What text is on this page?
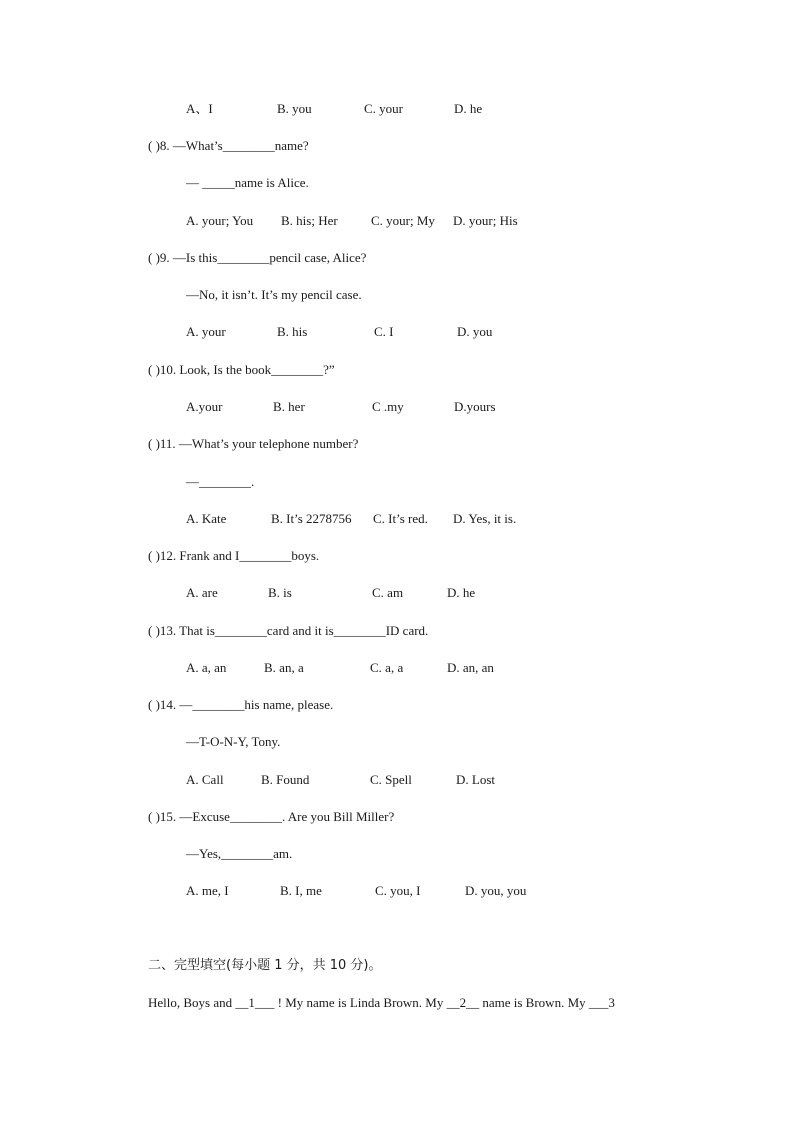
A、I	B. you	C. your	D. he
( )8. —What’s________name?
— _____name is Alice.
A. your; You B. his; Her	C. your; My D. your; His
( )9. —Is this________pencil case, Alice?
—No, it isn’t. It’s my pencil case.
A. your	B. his	C. I	D. you
( )10. Look, Is the book________?”
A.your	B. her	C .my	D.yours
( )11. —What’s your telephone number?
—________.
A. Kate	B. It’s 2278756 C. It’s red. D. Yes, it is.
( )12. Frank and I________boys.
A. are	B. is	C. am	D. he
( )13. That is________card and it is________ID card.
A. a, an	B. an, a	C. a, a	D. an, an
( )14. —________his name, please.
—T-O-N-Y, Tony.
A. Call	B. Found	C. Spell	D. Lost
( )15. —Excuse________. Are you Bill Miller?
—Yes,________am.
A. me, I	B. I, me	C. you, I	D. you, you
二、完型填空(每小题 1 分，共 10 分)。
Hello, Boys and __1___ ! My name is Linda Brown. My __2__ name is Brown. My ___3
